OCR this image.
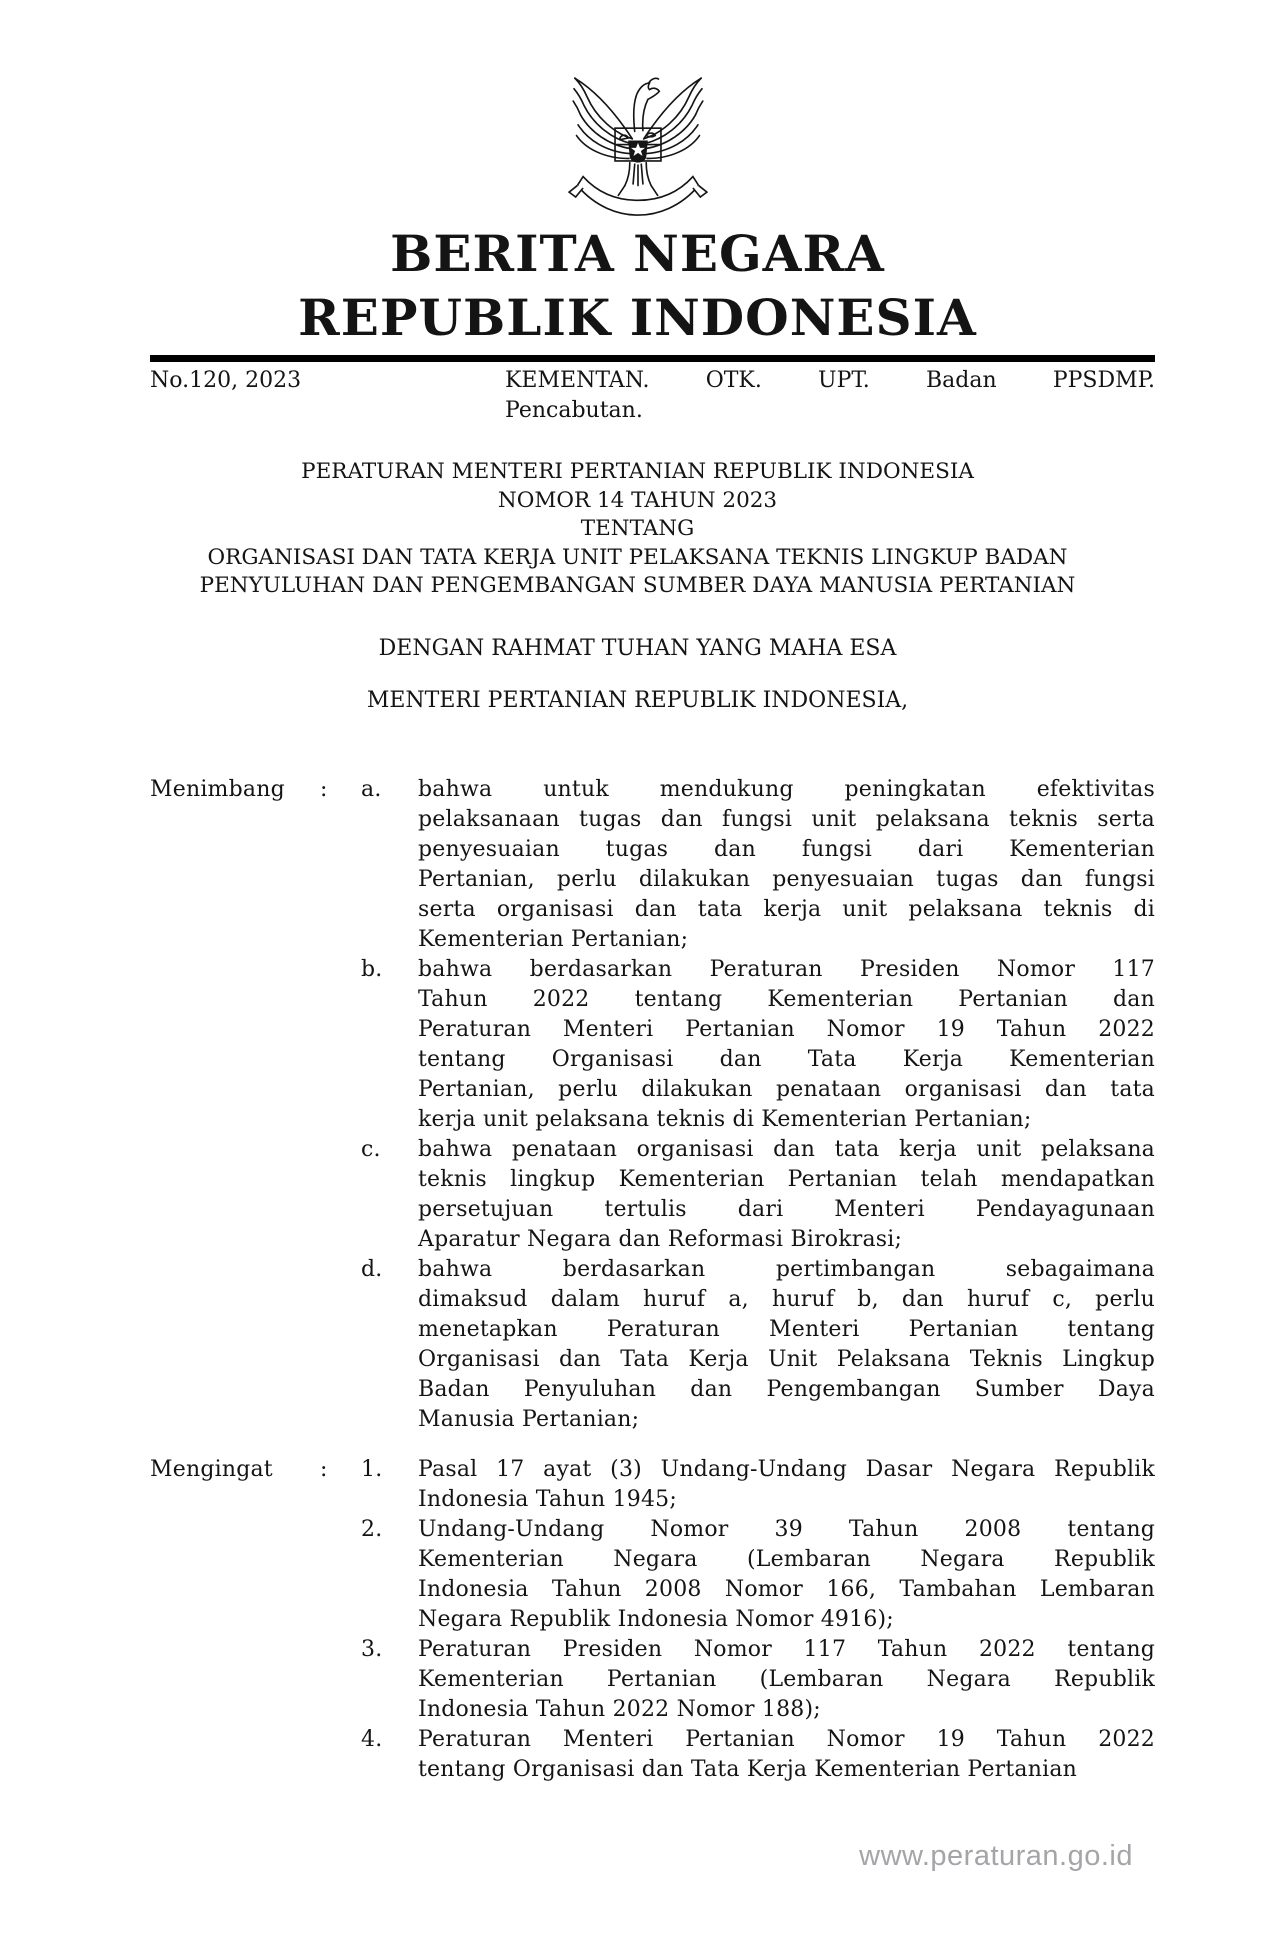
BERITA NEGARA
REPUBLIK INDONESIA
No.120, 2023	KEMENTAN. OTK. UPT. Badan PPSDMP.
Pencabutan.
PERATURAN MENTERI PERTANIAN REPUBLIK INDONESIA
NOMOR 14 TAHUN 2023
TENTANG
ORGANISASI DAN TATA KERJA UNIT PELAKSANA TEKNIS LINGKUP BADAN
PENYULUHAN DAN PENGEMBANGAN SUMBER DAYA MANUSIA PERTANIAN
DENGAN RAHMAT TUHAN YANG MAHA ESA
MENTERI PERTANIAN REPUBLIK INDONESIA,
Menimbang	:	a.	bahwa untuk mendukung peningkatan efektivitas
pelaksanaan tugas dan fungsi unit pelaksana teknis serta
penyesuaian tugas dan fungsi dari Kementerian
Pertanian, perlu dilakukan penyesuaian tugas dan fungsi
serta organisasi dan tata kerja unit pelaksana teknis di
Kementerian Pertanian;
b.	bahwa berdasarkan Peraturan Presiden Nomor 117
Tahun 2022 tentang Kementerian Pertanian dan
Peraturan Menteri Pertanian Nomor 19 Tahun 2022
tentang Organisasi dan Tata Kerja Kementerian
Pertanian, perlu dilakukan penataan organisasi dan tata
kerja unit pelaksana teknis di Kementerian Pertanian;
c.	bahwa penataan organisasi dan tata kerja unit pelaksana
teknis lingkup Kementerian Pertanian telah mendapatkan
persetujuan tertulis dari Menteri Pendayagunaan
Aparatur Negara dan Reformasi Birokrasi;
d.	bahwa berdasarkan pertimbangan sebagaimana
dimaksud dalam huruf a, huruf b, dan huruf c, perlu
menetapkan Peraturan Menteri Pertanian tentang
Organisasi dan Tata Kerja Unit Pelaksana Teknis Lingkup
Badan Penyuluhan dan Pengembangan Sumber Daya
Manusia Pertanian;
Mengingat	:	1.	Pasal 17 ayat (3) Undang-Undang Dasar Negara Republik
Indonesia Tahun 1945;
2.	Undang-Undang Nomor 39 Tahun 2008 tentang
Kementerian Negara (Lembaran Negara Republik
Indonesia Tahun 2008 Nomor 166, Tambahan Lembaran
Negara Republik Indonesia Nomor 4916);
3.	Peraturan Presiden Nomor 117 Tahun 2022 tentang
Kementerian Pertanian (Lembaran Negara Republik
Indonesia Tahun 2022 Nomor 188);
4.	Peraturan Menteri Pertanian Nomor 19 Tahun 2022
tentang Organisasi dan Tata Kerja Kementerian Pertanian
www.peraturan.go.id
